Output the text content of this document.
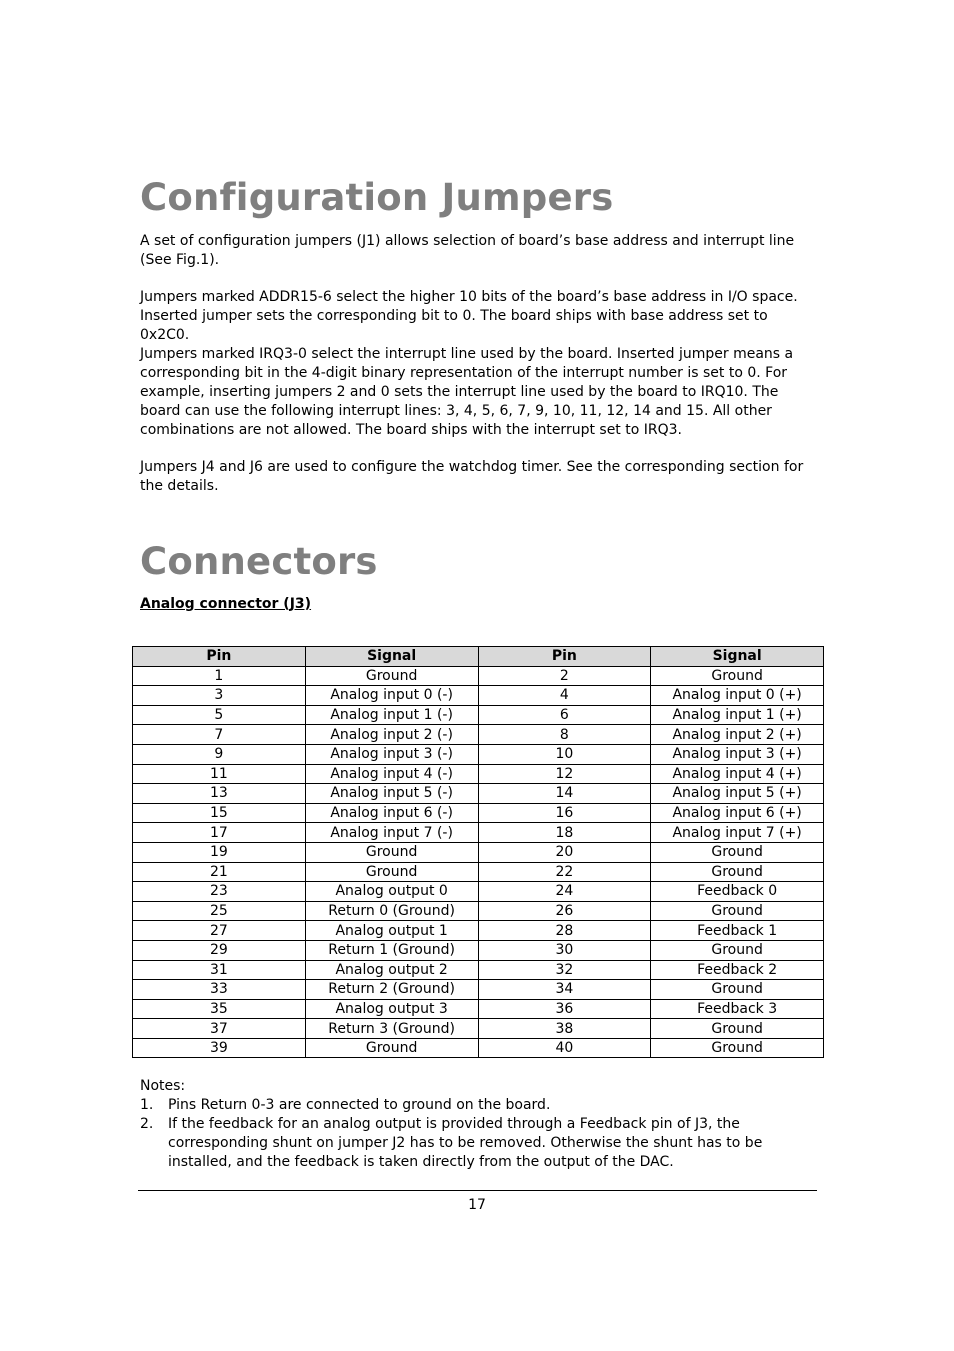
Configuration Jumpers

A set of configuration jumpers (J1) allows selection of board’s base address and interrupt line (See Fig.1).

Jumpers marked ADDR15-6 select the higher 10 bits of the board’s base address in I/O space. Inserted jumper sets the corresponding bit to 0. The board ships with base address set to 0x2C0.

Jumpers marked IRQ3-0 select the interrupt line used by the board. Inserted jumper means a corresponding bit in the 4-digit binary representation of the interrupt number is set to 0. For example, inserting jumpers 2 and 0 sets the interrupt line used by the board to IRQ10. The board can use the following interrupt lines: 3, 4, 5, 6, 7, 9, 10, 11, 12, 14 and 15. All other combinations are not allowed. The board ships with the interrupt set to IRQ3.

Jumpers J4 and J6 are used to configure the watchdog timer. See the corresponding section for the details.

Connectors

Analog connector (J3)

Pin	Signal	Pin	Signal
1	Ground	2	Ground
3	Analog input 0 (-)	4	Analog input 0 (+)
5	Analog input 1 (-)	6	Analog input 1 (+)
7	Analog input 2 (-)	8	Analog input 2 (+)
9	Analog input 3 (-)	10	Analog input 3 (+)
11	Analog input 4 (-)	12	Analog input 4 (+)
13	Analog input 5 (-)	14	Analog input 5 (+)
15	Analog input 6 (-)	16	Analog input 6 (+)
17	Analog input 7 (-)	18	Analog input 7 (+)
19	Ground	20	Ground
21	Ground	22	Ground
23	Analog output 0	24	Feedback 0
25	Return 0 (Ground)	26	Ground
27	Analog output 1	28	Feedback 1
29	Return 1 (Ground)	30	Ground
31	Analog output 2	32	Feedback 2
33	Return 2 (Ground)	34	Ground
35	Analog output 3	36	Feedback 3
37	Return 3 (Ground)	38	Ground
39	Ground	40	Ground

Notes:

1. Pins Return 0-3 are connected to ground on the board.
2. If the feedback for an analog output is provided through a Feedback pin of J3, the corresponding shunt on jumper J2 has to be removed. Otherwise the shunt has to be installed, and the feedback is taken directly from the output of the DAC.
17
